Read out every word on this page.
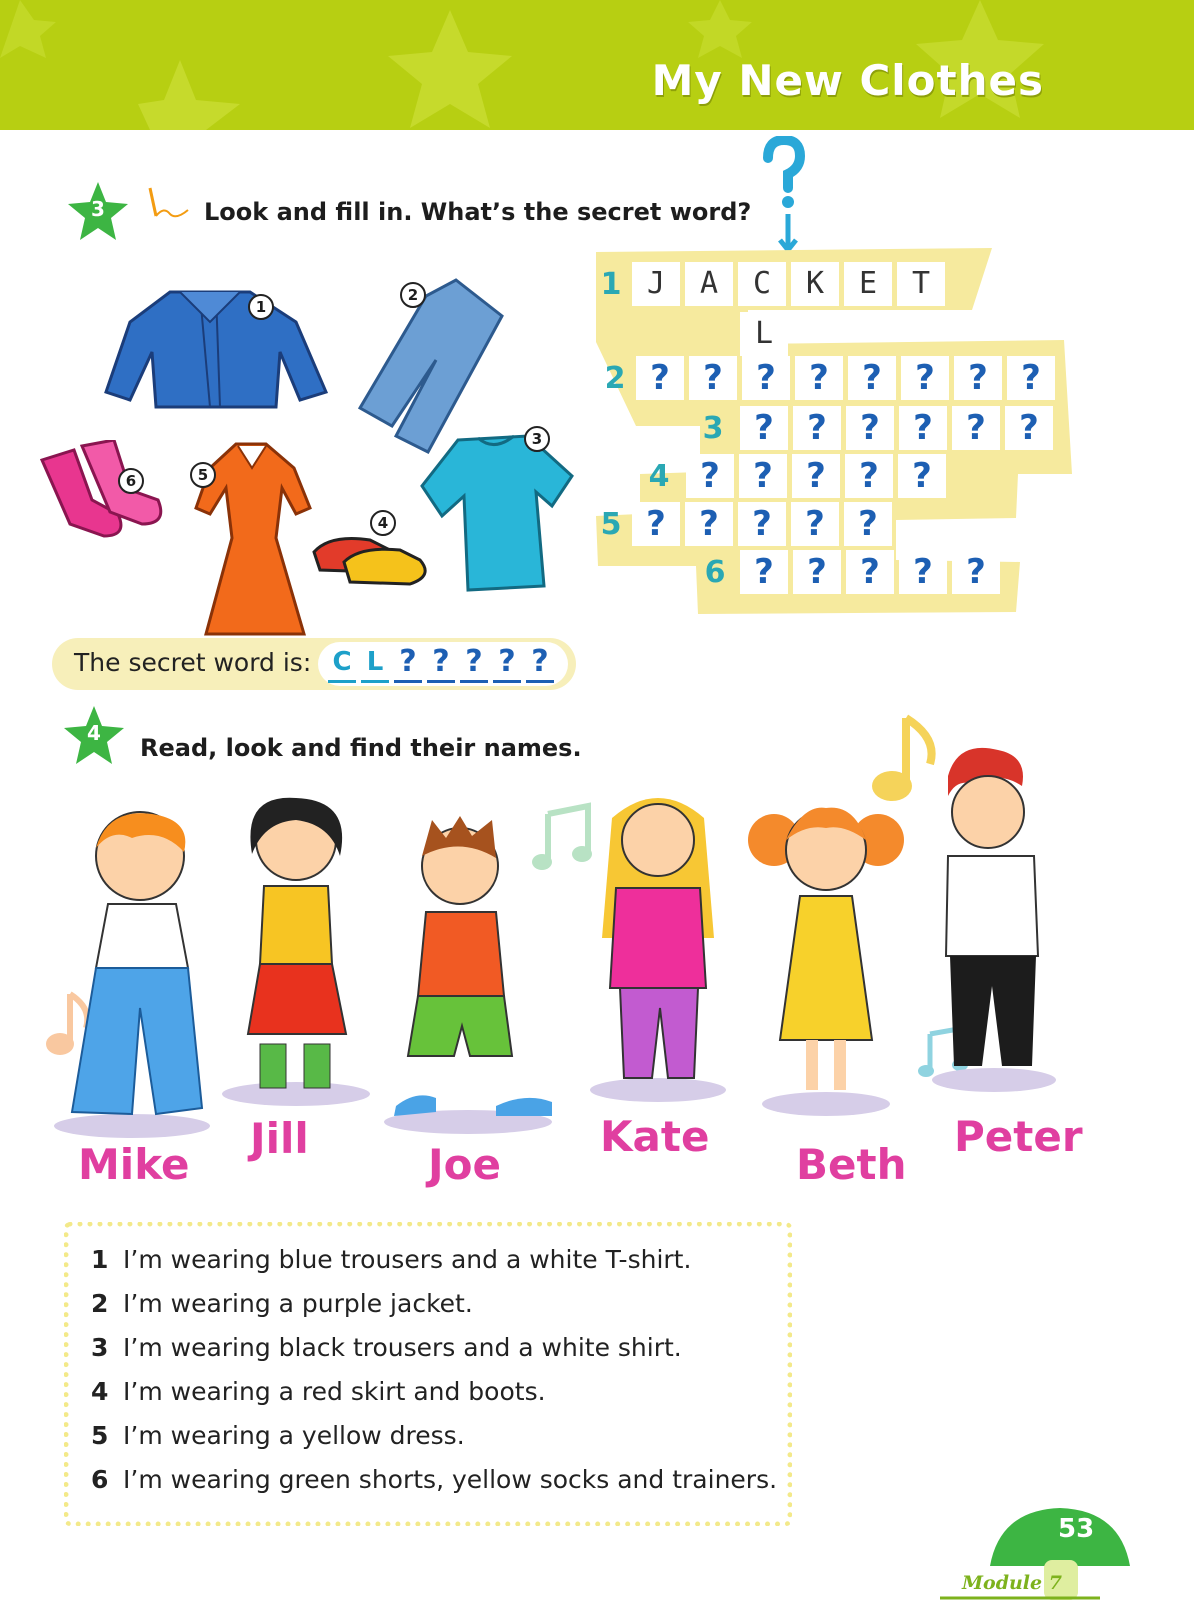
My New Clothes
3	Look and fill in. What’s the secret word?
1
2
3
4
5
6
1 J	A	C	K	E	T
L
2 ? ? ? ? ? ? ? ?
3 ? ? ? ? ? ?
4 ? ? ? ? ?
5 ? ? ? ? ?
6 ? ? ? ? ?
The secret word is: C L ? ? ? ? ?
4
Read, look and find their names.
Mike
Jill
Joe
Kate
Beth
Peter
1 I’m wearing blue trousers and a white T-shirt.
2 I’m wearing a purple jacket.
3 I’m wearing black trousers and a white shirt.
4 I’m wearing a red skirt and boots.
5 I’m wearing a yellow dress.
6 I’m wearing green shorts, yellow socks and trainers.
53
Module 7
